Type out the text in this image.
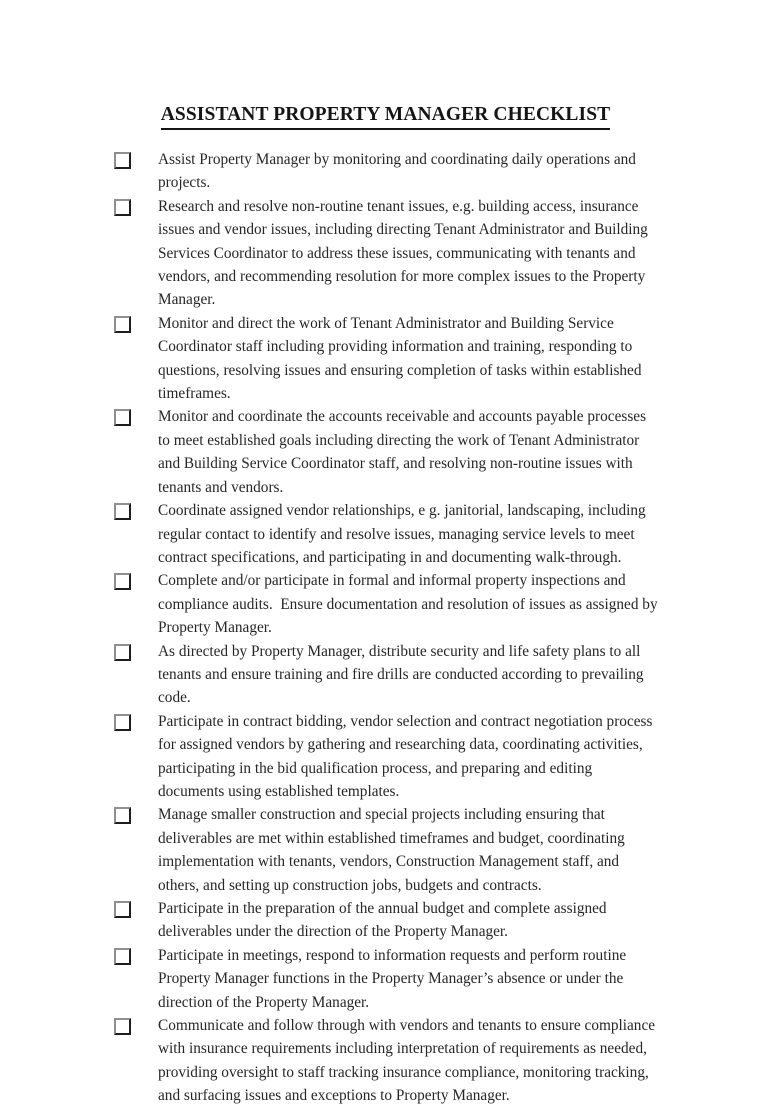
ASSISTANT PROPERTY MANAGER CHECKLIST
Assist Property Manager by monitoring and coordinating daily operations and projects.
Research and resolve non-routine tenant issues, e.g. building access, insurance issues and vendor issues, including directing Tenant Administrator and Building Services Coordinator to address these issues, communicating with tenants and vendors, and recommending resolution for more complex issues to the Property Manager.
Monitor and direct the work of Tenant Administrator and Building Service Coordinator staff including providing information and training, responding to questions, resolving issues and ensuring completion of tasks within established timeframes.
Monitor and coordinate the accounts receivable and accounts payable processes to meet established goals including directing the work of Tenant Administrator and Building Service Coordinator staff, and resolving non-routine issues with tenants and vendors.
Coordinate assigned vendor relationships, e g. janitorial, landscaping, including regular contact to identify and resolve issues, managing service levels to meet contract specifications, and participating in and documenting walk-through.
Complete and/or participate in formal and informal property inspections and compliance audits.  Ensure documentation and resolution of issues as assigned by Property Manager.
As directed by Property Manager, distribute security and life safety plans to all tenants and ensure training and fire drills are conducted according to prevailing code.
Participate in contract bidding, vendor selection and contract negotiation process for assigned vendors by gathering and researching data, coordinating activities, participating in the bid qualification process, and preparing and editing documents using established templates.
Manage smaller construction and special projects including ensuring that deliverables are met within established timeframes and budget, coordinating implementation with tenants, vendors, Construction Management staff, and others, and setting up construction jobs, budgets and contracts.
Participate in the preparation of the annual budget and complete assigned deliverables under the direction of the Property Manager.
Participate in meetings, respond to information requests and perform routine Property Manager functions in the Property Manager’s absence or under the direction of the Property Manager.
Communicate and follow through with vendors and tenants to ensure compliance with insurance requirements including interpretation of requirements as needed, providing oversight to staff tracking insurance compliance, monitoring tracking, and surfacing issues and exceptions to Property Manager.
